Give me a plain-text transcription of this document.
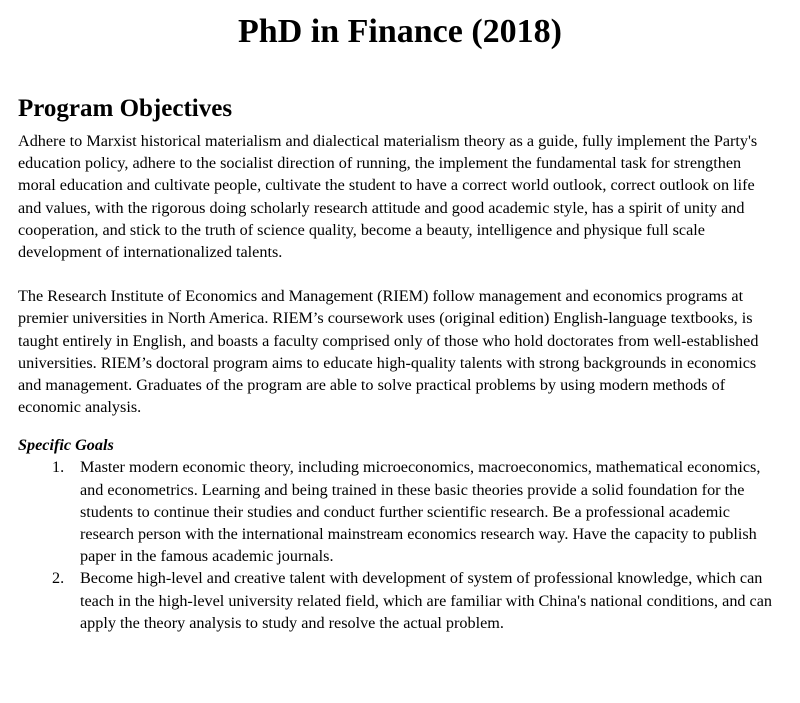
PhD in Finance (2018)
Program Objectives

Adhere to Marxist historical materialism and dialectical materialism theory as a guide, fully implement the Party's education policy, adhere to the socialist direction of running, the implement the fundamental task for strengthen moral education and cultivate people, cultivate the student to have a correct world outlook, correct outlook on life and values, with the rigorous doing scholarly research attitude and good academic style, has a spirit of unity and cooperation, and stick to the truth of science quality, become a beauty, intelligence and physique full scale development of internationalized talents.

The Research Institute of Economics and Management (RIEM) follow management and economics programs at premier universities in North America. RIEM’s coursework uses (original edition) English-language textbooks, is taught entirely in English, and boasts a faculty comprised only of those who hold doctorates from well-established universities. RIEM’s doctoral program aims to educate high-quality talents with strong backgrounds in economics and management. Graduates of the program are able to solve practical problems by using modern methods of economic analysis.

Specific Goals
1. Master modern economic theory, including microeconomics, macroeconomics, mathematical economics, and econometrics. Learning and being trained in these basic theories provide a solid foundation for the students to continue their studies and conduct further scientific research. Be a professional academic research person with the international mainstream economics research way. Have the capacity to publish paper in the famous academic journals.
2. Become high-level and creative talent with development of system of professional knowledge, which can teach in the high-level university related field, which are familiar with China's national conditions, and can apply the theory analysis to study and resolve the actual problem.
